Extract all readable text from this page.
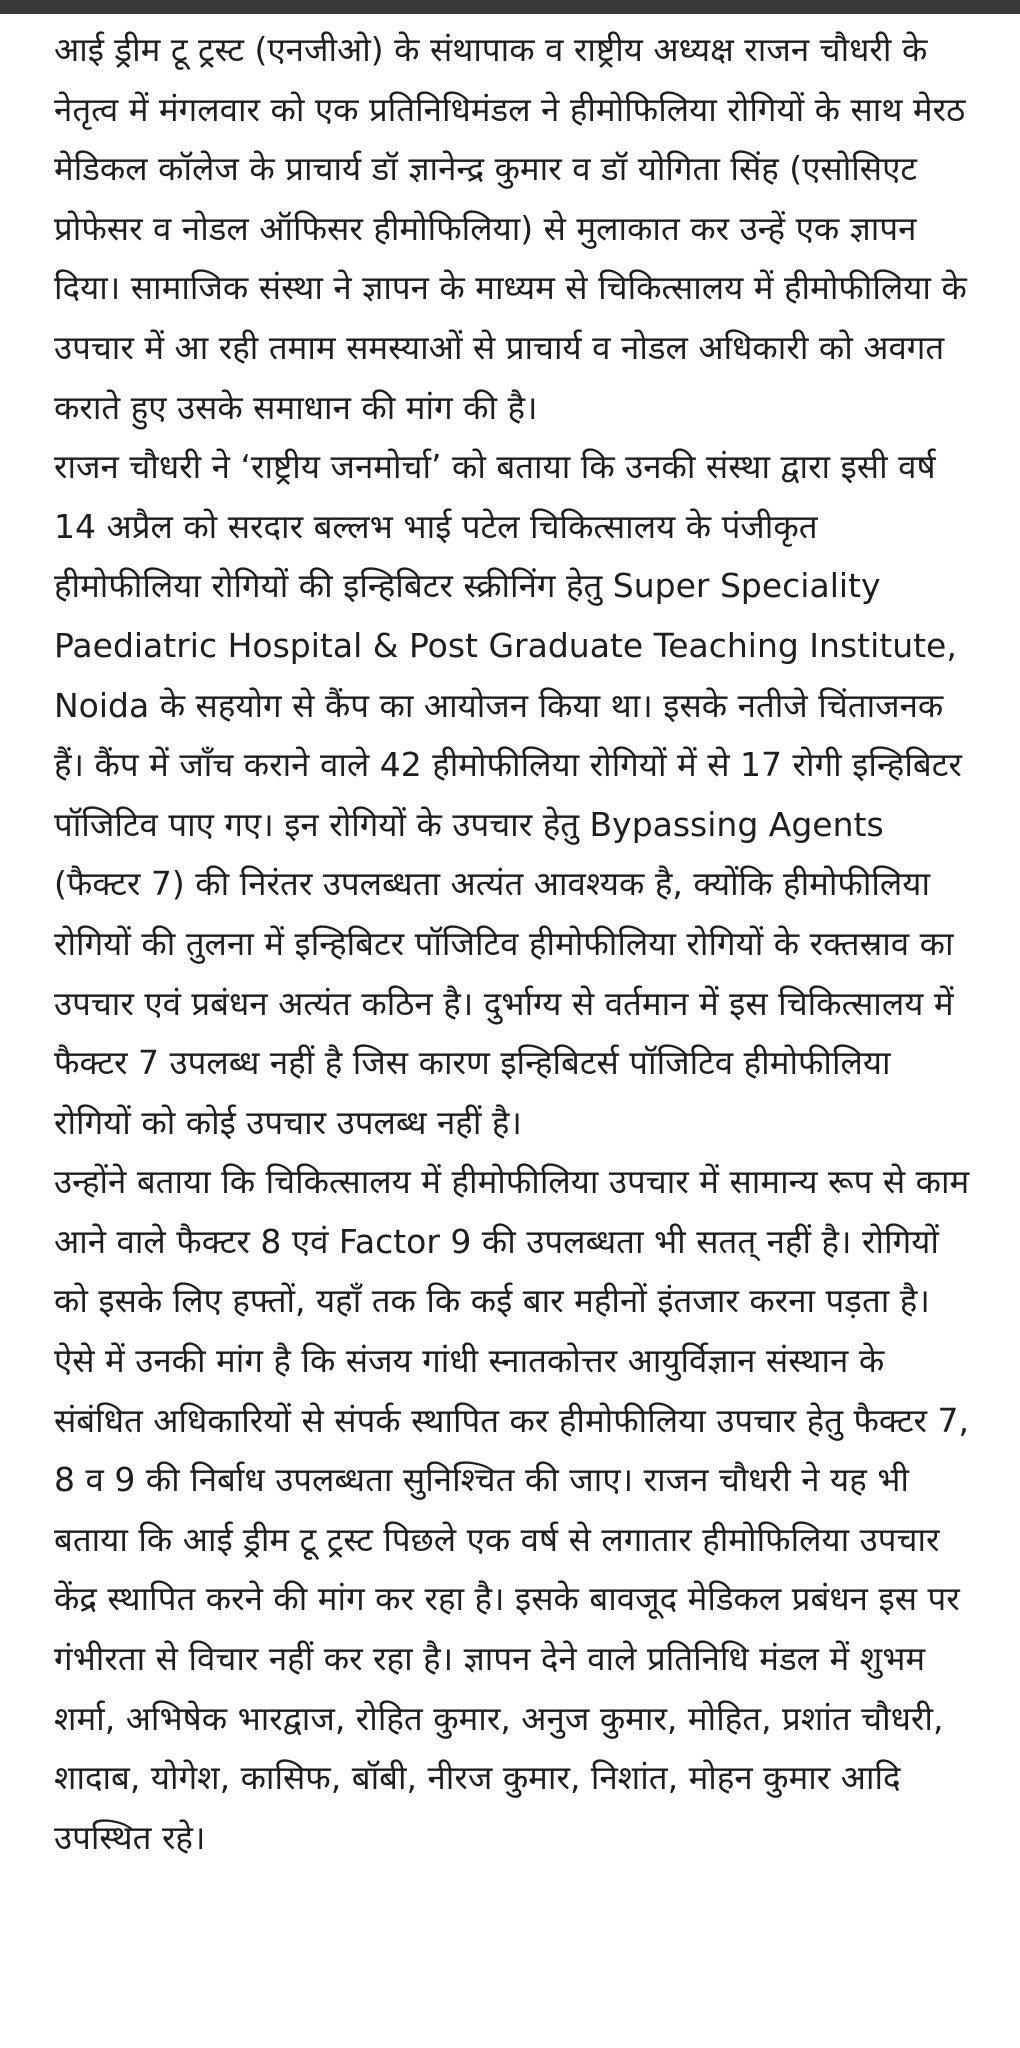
आई ड्रीम टू ट्रस्ट (एनजीओ) के संथापाक व राष्ट्रीय अध्यक्ष राजन चौधरी के नेतृत्व में मंगलवार को एक प्रतिनिधिमंडल ने हीमोफिलिया रोगियों के साथ मेरठ मेडिकल कॉलेज के प्राचार्य डॉ ज्ञानेन्द्र कुमार व डॉ योगिता सिंह (एसोसिएट प्रोफेसर व नोडल ऑफिसर हीमोफिलिया) से मुलाकात कर उन्हें एक ज्ञापन दिया। सामाजिक संस्था ने ज्ञापन के माध्यम से चिकित्सालय में हीमोफीलिया के उपचार में आ रही तमाम समस्याओं से प्राचार्य व नोडल अधिकारी को अवगत कराते हुए उसके समाधान की मांग की है।

राजन चौधरी ने ‘राष्ट्रीय जनमोर्चा’ को बताया कि उनकी संस्था द्वारा इसी वर्ष 14 अप्रैल को सरदार बल्लभ भाई पटेल चिकित्सालय के पंजीकृत हीमोफीलिया रोगियों की इन्हिबिटर स्क्रीनिंग हेतु Super Speciality Paediatric Hospital & Post Graduate Teaching Institute, Noida के सहयोग से कैंप का आयोजन किया था। इसके नतीजे चिंताजनक हैं। कैंप में जाँच कराने वाले 42 हीमोफीलिया रोगियों में से 17 रोगी इन्हिबिटर पॉजिटिव पाए गए। इन रोगियों के उपचार हेतु Bypassing Agents (फैक्टर 7) की निरंतर उपलब्धता अत्यंत आवश्यक है, क्योंकि हीमोफीलिया रोगियों की तुलना में इन्हिबिटर पॉजिटिव हीमोफीलिया रोगियों के रक्तस्राव का उपचार एवं प्रबंधन अत्यंत कठिन है। दुर्भाग्य से वर्तमान में इस चिकित्सालय में फैक्टर 7 उपलब्ध नहीं है जिस कारण इन्हिबिटर्स पॉजिटिव हीमोफीलिया रोगियों को कोई उपचार उपलब्ध नहीं है।

उन्होंने बताया कि चिकित्सालय में हीमोफीलिया उपचार में सामान्य रूप से काम आने वाले फैक्टर 8 एवं Factor 9 की उपलब्धता भी सतत् नहीं है। रोगियों को इसके लिए हफ्तों, यहाँ तक कि कई बार महीनों इंतजार करना पड़ता है। ऐसे में उनकी मांग है कि संजय गांधी स्नातकोत्तर आयुर्विज्ञान संस्थान के संबंधित अधिकारियों से संपर्क स्थापित कर हीमोफीलिया उपचार हेतु फैक्टर 7, 8 व 9 की निर्बाध उपलब्धता सुनिश्चित की जाए। राजन चौधरी ने यह भी बताया कि आई ड्रीम टू ट्रस्ट पिछले एक वर्ष से लगातार हीमोफिलिया उपचार केंद्र स्थापित करने की मांग कर रहा है। इसके बावजूद मेडिकल प्रबंधन इस पर गंभीरता से विचार नहीं कर रहा है। ज्ञापन देने वाले प्रतिनिधि मंडल में शुभम शर्मा, अभिषेक भारद्वाज, रोहित कुमार, अनुज कुमार, मोहित, प्रशांत चौधरी, शादाब, योगेश, कासिफ, बॉबी, नीरज कुमार, निशांत, मोहन कुमार आदि उपस्थित रहे।
